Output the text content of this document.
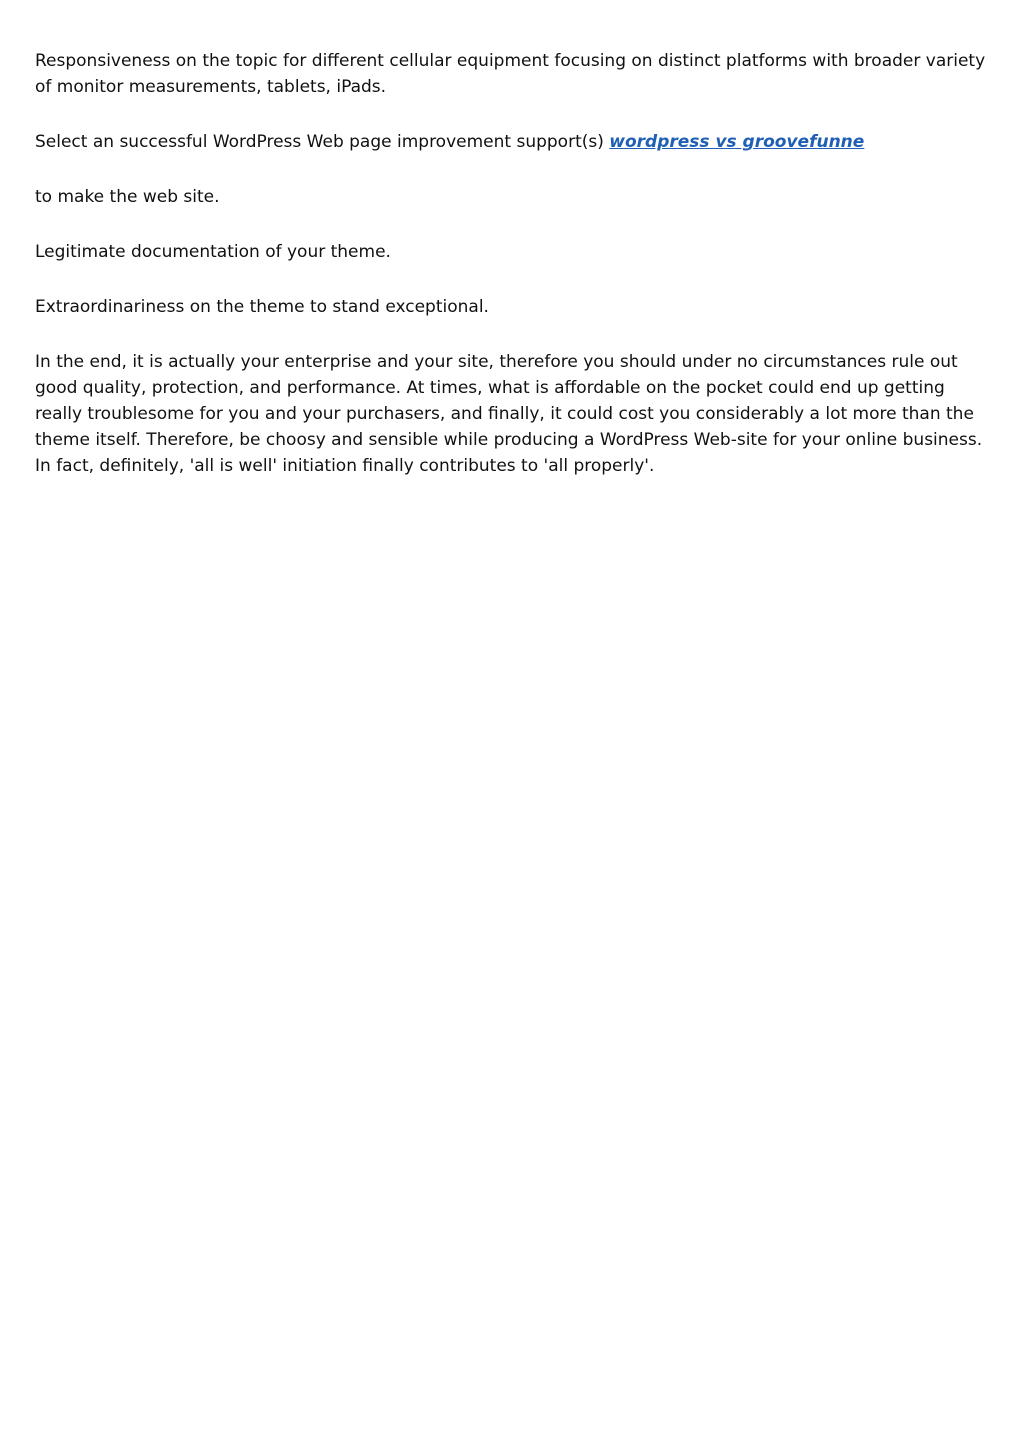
Responsiveness on the topic for different cellular equipment focusing on distinct platforms with broader variety of monitor measurements, tablets, iPads.

Select an successful WordPress Web page improvement support(s) wordpress vs groovefunne

to make the web site.

Legitimate documentation of your theme.

Extraordinariness on the theme to stand exceptional.

In the end, it is actually your enterprise and your site, therefore you should under no circumstances rule out good quality, protection, and performance. At times, what is affordable on the pocket could end up getting really troublesome for you and your purchasers, and finally, it could cost you considerably a lot more than the theme itself. Therefore, be choosy and sensible while producing a WordPress Web-site for your online business. In fact, definitely, 'all is well' initiation finally contributes to 'all properly'.
